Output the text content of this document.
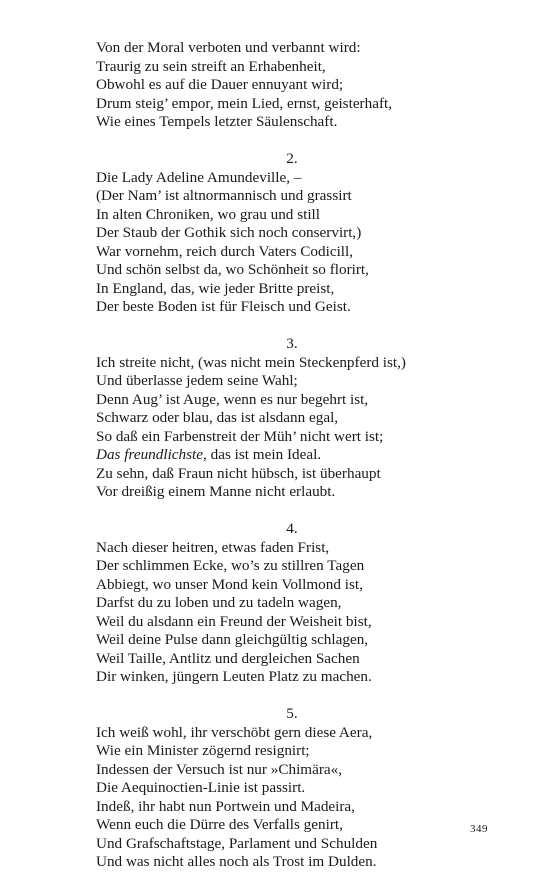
Von der Moral verboten und verbannt wird:
Traurig zu sein streift an Erhabenheit,
Obwohl es auf die Dauer ennuyant wird;
Drum steig’ empor, mein Lied, ernst, geisterhaft,
Wie eines Tempels letzter Säulenschaft.
2.
Die Lady Adeline Amundeville, –
(Der Nam’ ist altnormannisch und grassirt
In alten Chroniken, wo grau und still
Der Staub der Gothik sich noch conservirt,)
War vornehm, reich durch Vaters Codicill,
Und schön selbst da, wo Schönheit so florirt,
In England, das, wie jeder Britte preist,
Der beste Boden ist für Fleisch und Geist.
3.
Ich streite nicht, (was nicht mein Steckenpferd ist,)
Und überlasse jedem seine Wahl;
Denn Aug’ ist Auge, wenn es nur begehrt ist,
Schwarz oder blau, das ist alsdann egal,
So daß ein Farbenstreit der Müh’ nicht wert ist;
Das freundlichste, das ist mein Ideal.
Zu sehn, daß Fraun nicht hübsch, ist überhaupt
Vor dreißig einem Manne nicht erlaubt.
4.
Nach dieser heitren, etwas faden Frist,
Der schlimmen Ecke, wo’s zu stillren Tagen
Abbiegt, wo unser Mond kein Vollmond ist,
Darfst du zu loben und zu tadeln wagen,
Weil du alsdann ein Freund der Weisheit bist,
Weil deine Pulse dann gleichgültig schlagen,
Weil Taille, Antlitz und dergleichen Sachen
Dir winken, jüngern Leuten Platz zu machen.
5.
Ich weiß wohl, ihr verschöbt gern diese Aera,
Wie ein Minister zögernd resignirt;
Indessen der Versuch ist nur »Chimära«,
Die Aequinoctien-Linie ist passirt.
Indeß, ihr habt nun Portwein und Madeira,
Wenn euch die Dürre des Verfalls genirt,
Und Grafschaftstage, Parlament und Schulden
Und was nicht alles noch als Trost im Dulden.
349
